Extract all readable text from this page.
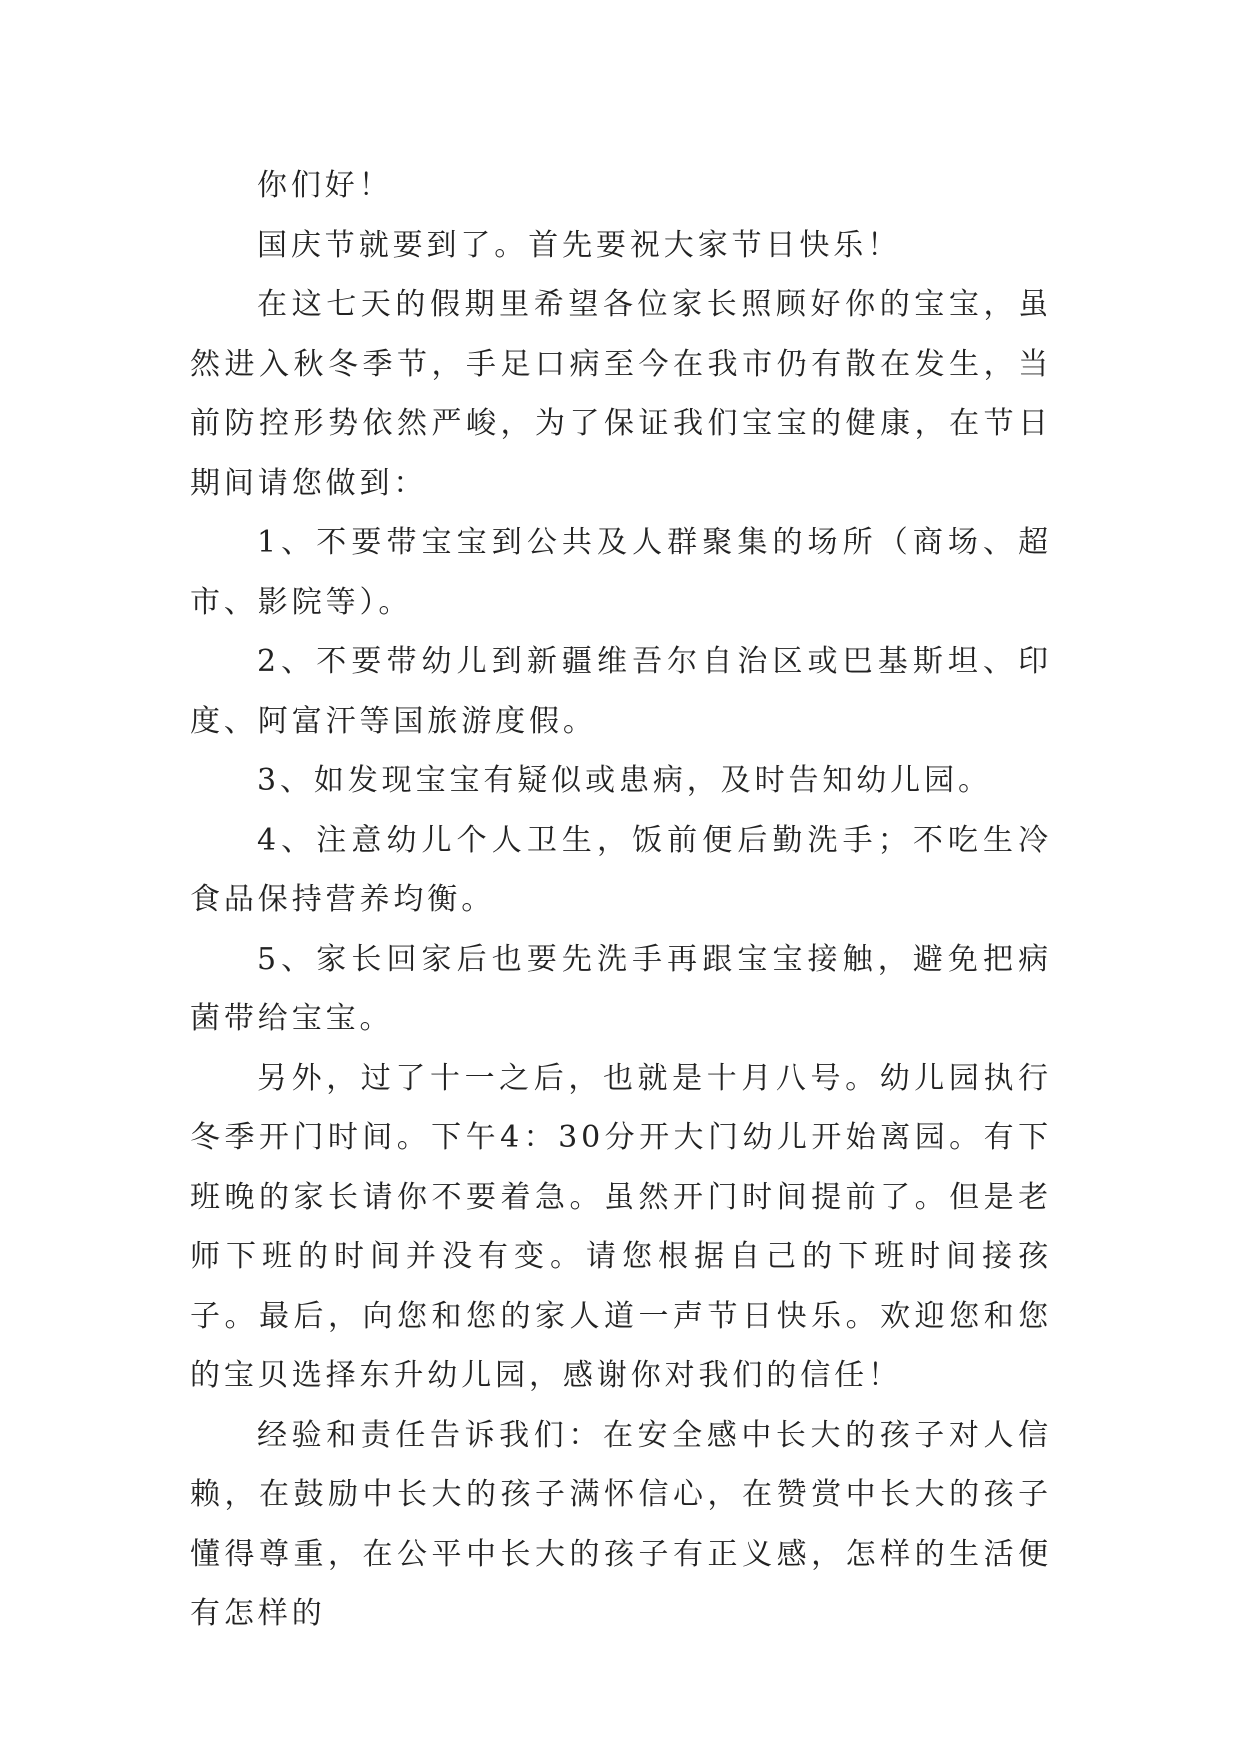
你们好！

国庆节就要到了。首先要祝大家节日快乐！

在这七天的假期里希望各位家长照顾好你的宝宝，虽然进入秋冬季节，手足口病至今在我市仍有散在发生，当前防控形势依然严峻，为了保证我们宝宝的健康，在节日期间请您做到：

1、不要带宝宝到公共及人群聚集的场所（商场、超市、影院等）。

2、不要带幼儿到新疆维吾尔自治区或巴基斯坦、印度、阿富汗等国旅游度假。

3、如发现宝宝有疑似或患病，及时告知幼儿园。

4、注意幼儿个人卫生，饭前便后勤洗手；不吃生冷食品保持营养均衡。

5、家长回家后也要先洗手再跟宝宝接触，避免把病菌带给宝宝。

另外，过了十一之后，也就是十月八号。幼儿园执行冬季开门时间。下午4：30分开大门幼儿开始离园。有下班晚的家长请你不要着急。虽然开门时间提前了。但是老师下班的时间并没有变。请您根据自己的下班时间接孩子。最后，向您和您的家人道一声节日快乐。欢迎您和您的宝贝选择东升幼儿园，感谢你对我们的信任！

经验和责任告诉我们：在安全感中长大的孩子对人信赖，在鼓励中长大的孩子满怀信心，在赞赏中长大的孩子懂得尊重，在公平中长大的孩子有正义感，怎样的生活便有怎样的
